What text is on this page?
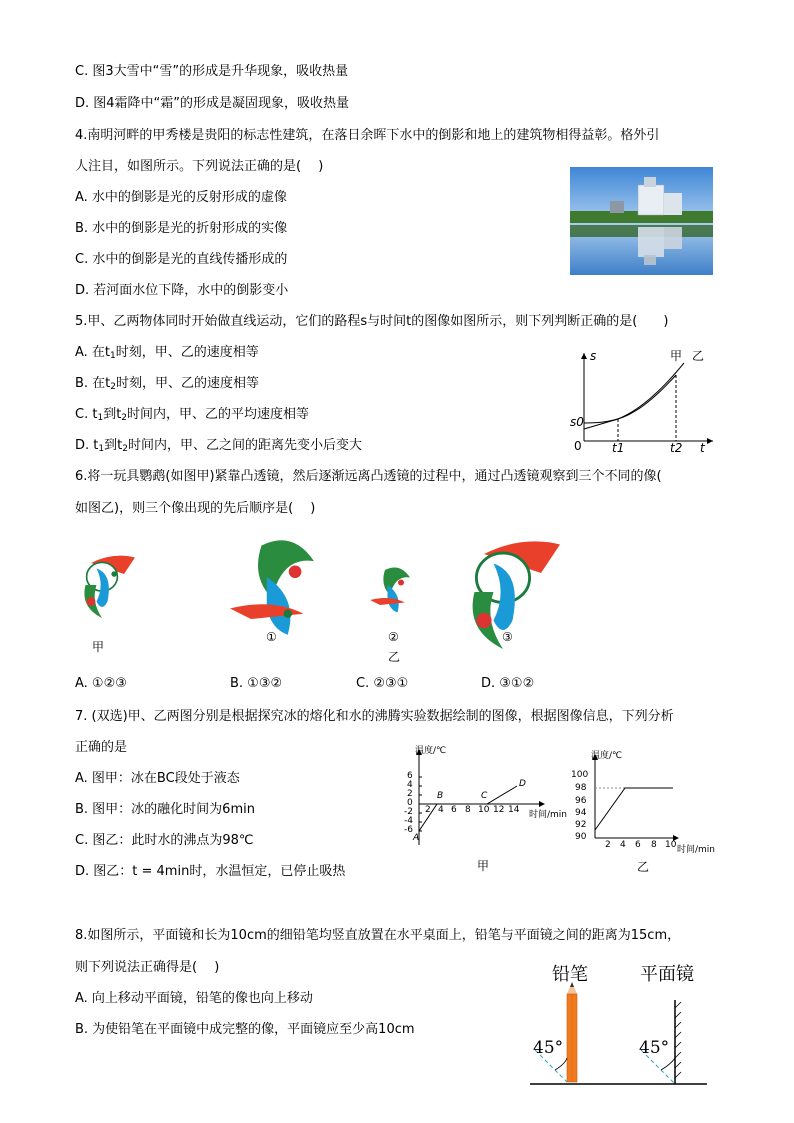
C. 图3大雪中“雪”的形成是升华现象，吸收热量
D. 图4霜降中“霜”的形成是凝固现象，吸收热量
4.南明河畔的甲秀楼是贵阳的标志性建筑，在落日余晖下水中的倒影和地上的建筑物相得益彰。格外引
人注目，如图所示。下列说法正确的是(　 )
A. 水中的倒影是光的反射形成的虚像
B. 水中的倒影是光的折射形成的实像
C. 水中的倒影是光的直线传播形成的
D. 若河面水位下降，水中的倒影变小
5.甲、乙两物体同时开始做直线运动，它们的路程s与时间t的图像如图所示，则下列判断正确的是(　　)
A. 在$t_1$时刻，甲、乙的速度相等
B. 在$t_2$时刻，甲、乙的速度相等
C. $t_1$到$t_2$时间内，甲、乙的平均速度相等
D. $t_1$到$t_2$时间内，甲、乙之间的距离先变小后变大
s	甲 乙
s0
0	t1	t2 t
6.将一玩具鹦鹉(如图甲)紧靠凸透镜，然后逐渐远离凸透镜的过程中，通过凸透镜观察到三个不同的像(
如图乙)，则三个像出现的先后顺序是(　 )
甲
①	②
乙
③
A. ①②③	B. ①③②	C. ②③①	D. ③①②
7. (双选)甲、乙两图分别是根据探究冰的熔化和水的沸腾实验数据绘制的图像，根据图像信息，下列分析
正确的是
A. 图甲：冰在BC段处于液态
B. 图甲：冰的融化时间为6min
C. 图乙：此时水的沸点为98℃
D. 图乙：t = 4min时，水温恒定，已停止吸热
温度/℃
6
4
2
0
-2
-4
-6
2 4 6 8 10 12 14 时间/min
A
B	C
D
甲
温度/℃
100
98
96
94
92
90
2 4 6 8 10 时间/min
乙
8.如图所示，平面镜和长为10cm的细铅笔均竖直放置在水平桌面上，铅笔与平面镜之间的距离为15cm，
则下列说法正确得是(　 )
A. 向上移动平面镜，铅笔的像也向上移动
B. 为使铅笔在平面镜中成完整的像，平面镜应至少高10cm
铅笔	平面镜
45°	45°
